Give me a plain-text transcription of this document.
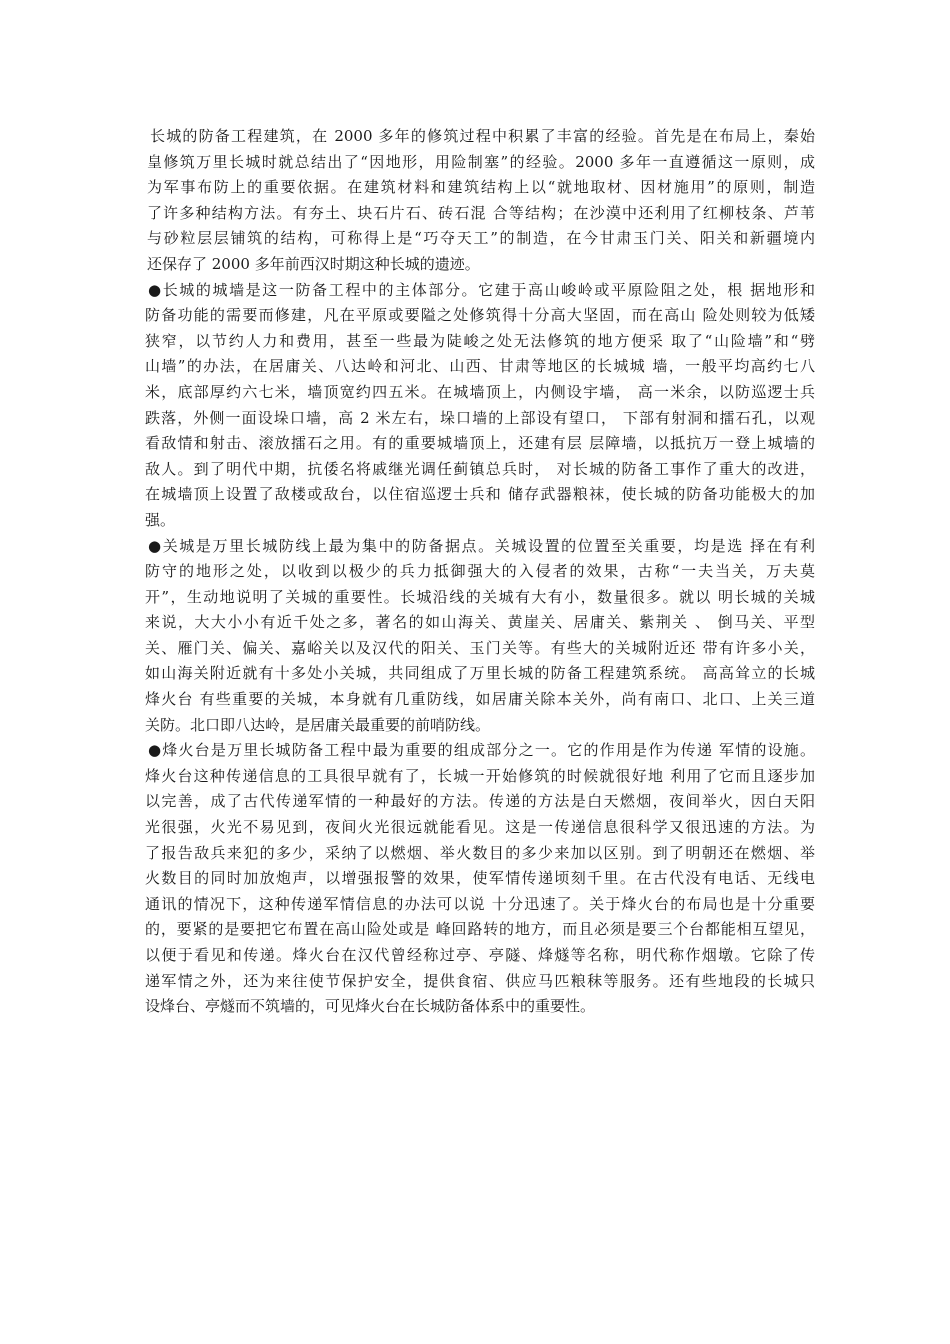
长城的防备工程建筑，在 2000 多年的修筑过程中积累了丰富的经验。首先是在布局上，秦始
皇修筑万里长城时就总结出了“因地形，用险制塞”的经验。2000 多年一直遵循这一原则，成
为军事布防上的重要依据。在建筑材料和建筑结构上以“就地取材、因材施用”的原则，制造
了许多种结构方法。有夯土、块石片石、砖石混 合等结构；在沙漠中还利用了红柳枝条、芦苇
与砂粒层层铺筑的结构，可称得上是“巧夺天工”的制造，在今甘肃玉门关、阳关和新疆境内
还保存了 2000 多年前西汉时期这种长城的遗迹。
●长城的城墙是这一防备工程中的主体部分。它建于高山峻岭或平原险阻之处，根 据地形和
防备功能的需要而修建，凡在平原或要隘之处修筑得十分高大坚固，而在高山 险处则较为低矮
狭窄，以节约人力和费用，甚至一些最为陡峻之处无法修筑的地方便采 取了“山险墙”和“劈
山墙”的办法，在居庸关、八达岭和河北、山西、甘肃等地区的长城城 墙，一般平均高约七八
米，底部厚约六七米，墙顶宽约四五米。在城墙顶上，内侧设宇墙， 高一米余，以防巡逻士兵
跌落，外侧一面设垛口墙，高 2 米左右，垛口墙的上部设有望口， 下部有射洞和擂石孔，以观
看敌情和射击、滚放擂石之用。有的重要城墙顶上，还建有层 层障墙，以抵抗万一登上城墙的
敌人。到了明代中期，抗倭名将戚继光调任蓟镇总兵时， 对长城的防备工事作了重大的改进，
在城墙顶上设置了敌楼或敌台，以住宿巡逻士兵和 储存武器粮袜，使长城的防备功能极大的加
强。
●关城是万里长城防线上最为集中的防备据点。关城设置的位置至关重要，均是选 择在有利
防守的地形之处，以收到以极少的兵力抵御强大的入侵者的效果，古称“一夫当关，万夫莫
开”，生动地说明了关城的重要性。长城沿线的关城有大有小，数量很多。就以 明长城的关城
来说，大大小小有近千处之多，著名的如山海关、黄崖关、居庸关、紫荆关 、 倒马关、平型
关、雁门关、偏关、嘉峪关以及汉代的阳关、玉门关等。有些大的关城附近还 带有许多小关，
如山海关附近就有十多处小关城，共同组成了万里长城的防备工程建筑系统。 高高耸立的长城
烽火台 有些重要的关城，本身就有几重防线，如居庸关除本关外，尚有南口、北口、上关三道
关防。北口即八达岭，是居庸关最重要的前哨防线。
●烽火台是万里长城防备工程中最为重要的组成部分之一。它的作用是作为传递 军情的设施。
烽火台这种传递信息的工具很早就有了，长城一开始修筑的时候就很好地 利用了它而且逐步加
以完善，成了古代传递军情的一种最好的方法。传递的方法是白天燃烟，夜间举火，因白天阳
光很强，火光不易见到，夜间火光很远就能看见。这是一传递信息很科学又很迅速的方法。为
了报告敌兵来犯的多少，采纳了以燃烟、举火数目的多少来加以区别。到了明朝还在燃烟、举
火数目的同时加放炮声，以增强报警的效果，使军情传递顷刻千里。在古代没有电话、无线电
通讯的情况下，这种传递军情信息的办法可以说 十分迅速了。关于烽火台的布局也是十分重要
的，要紧的是要把它布置在高山险处或是 峰回路转的地方，而且必须是要三个台都能相互望见，
以便于看见和传递。烽火台在汉代曾经称过亭、亭隧、烽燧等名称，明代称作烟墩。它除了传
递军情之外，还为来往使节保护安全，提供食宿、供应马匹粮秣等服务。还有些地段的长城只
设烽台、亭燧而不筑墙的，可见烽火台在长城防备体系中的重要性。
